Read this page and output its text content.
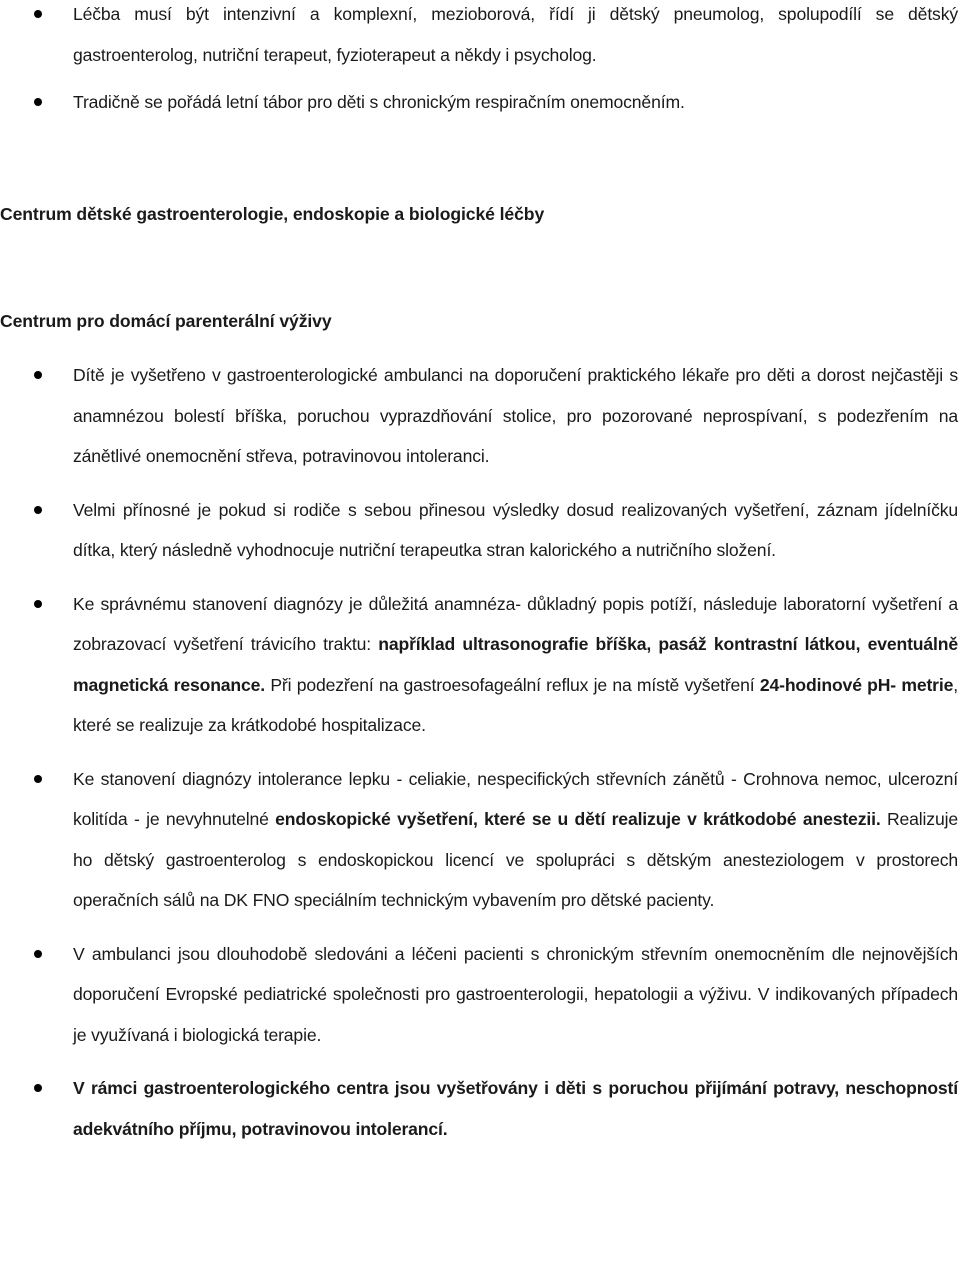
Léčba musí být intenzivní a komplexní, mezioborová, řídí ji dětský pneumolog, spolupodílí se dětský gastroenterolog, nutriční terapeut, fyzioterapeut a někdy i psycholog.
Tradičně se pořádá letní tábor pro děti s chronickým respiračním onemocněním.
Centrum dětské gastroenterologie, endoskopie a biologické léčby
Centrum pro domácí parenterální výživy
Dítě je vyšetřeno v gastroenterologické ambulanci na doporučení praktického lékaře pro děti a dorost nejčastěji s anamnézou bolestí bříška, poruchou vyprazdňování stolice, pro pozorované neprospívaní, s podezřením na zánětlivé onemocnění střeva, potravinovou intoleranci.
Velmi přínosné je pokud si rodiče s sebou přinesou výsledky dosud realizovaných vyšetření, záznam jídelníčku dítka, který následně vyhodnocuje nutriční terapeutka stran kalorického a nutričního složení.
Ke správnému stanovení diagnózy je důležitá anamnéza- důkladný popis potíží, následuje laboratorní vyšetření a zobrazovací vyšetření trávicího traktu: například ultrasonografie bříška, pasáž kontrastní látkou, eventuálně magnetická resonance. Při podezření na gastroesofageální reflux je na místě vyšetření 24-hodinové pH- metrie, které se realizuje za krátkodobé hospitalizace.
Ke stanovení diagnózy intolerance lepku - celiakie, nespecifických střevních zánětů - Crohnova nemoc, ulcerozní kolitída - je nevyhnutelné endoskopické vyšetření, které se u dětí realizuje v krátkodobé anestezii. Realizuje ho dětský gastroenterolog s endoskopickou licencí ve spolupráci s dětským anesteziologem v prostorech operačních sálů na DK FNO speciálním technickým vybavením pro dětské pacienty.
V ambulanci jsou dlouhodobě sledováni a léčeni pacienti s chronickým střevním onemocněním dle nejnovějších doporučení Evropské pediatrické společnosti pro gastroenterologii, hepatologii a výživu. V indikovaných případech je využívaná i biologická terapie.
V rámci gastroenterologického centra jsou vyšetřovány i děti s poruchou přijímání potravy, neschopností adekvátního příjmu, potravinovou intolerancí.
